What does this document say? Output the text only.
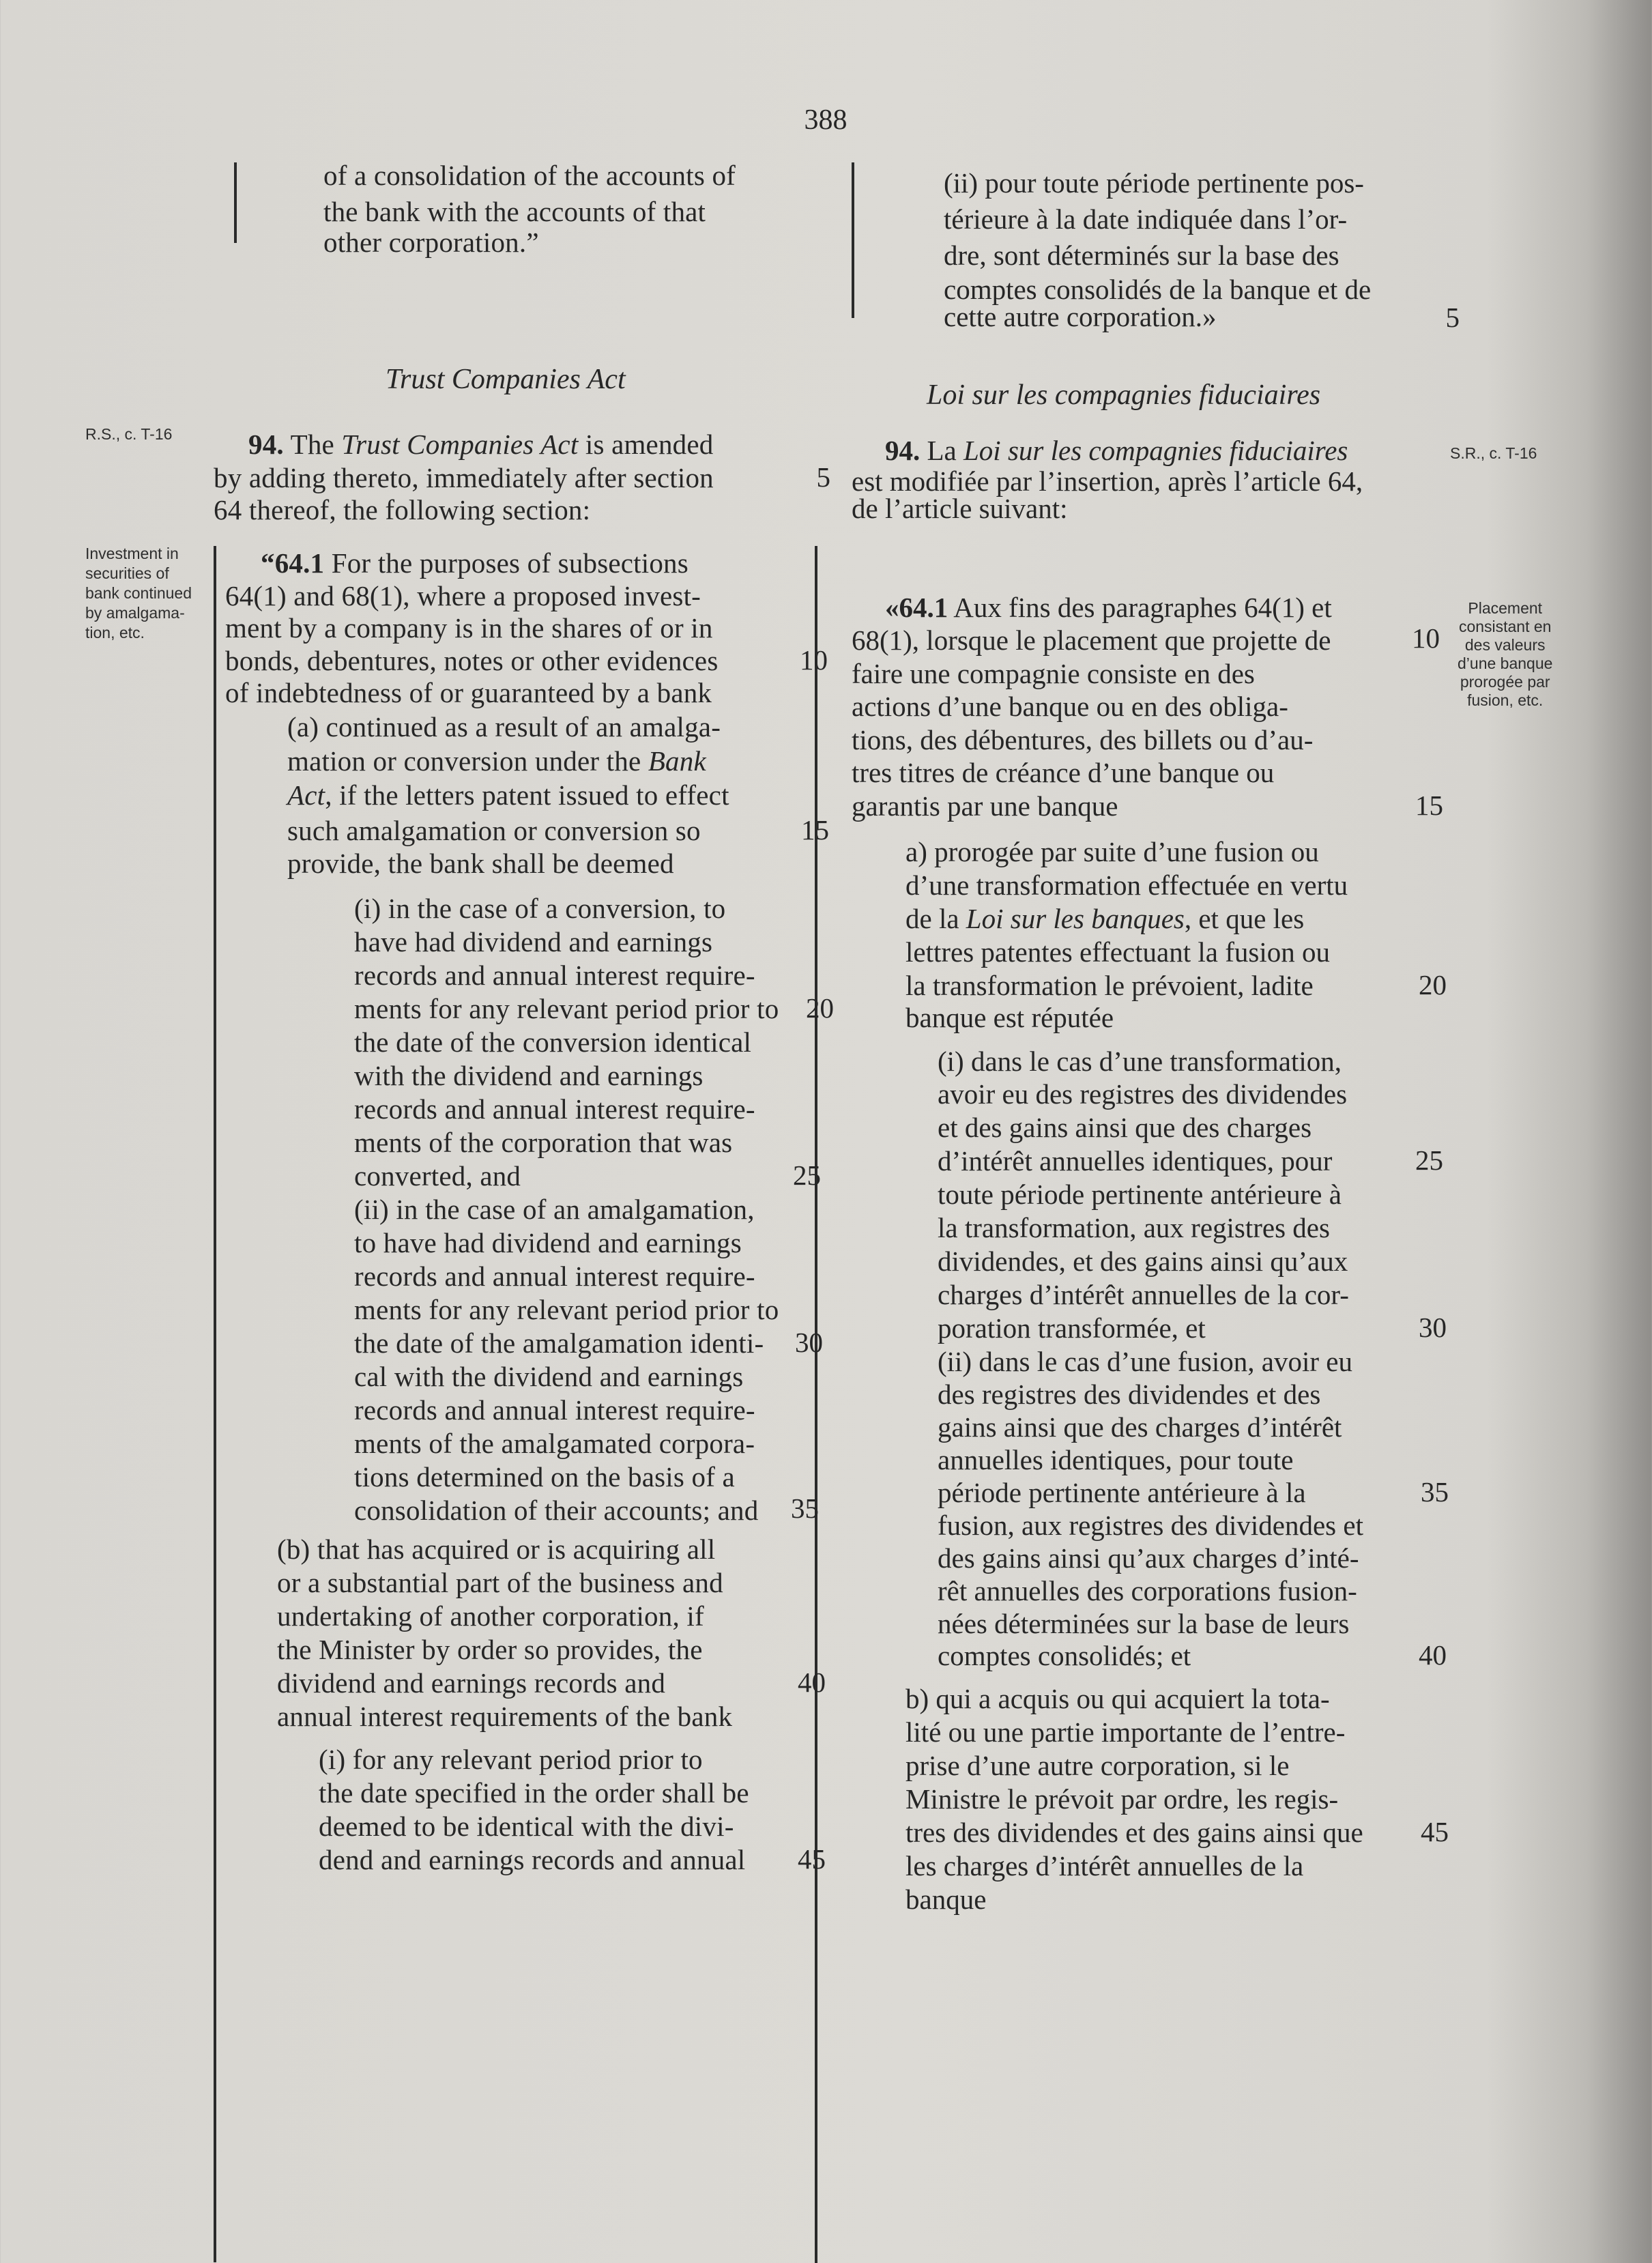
388
of a consolidation of the accounts of
the bank with the accounts of that
other corporation.”
Trust Companies Act
R.S., c. T-16	94. The Trust Companies Act is amended
by adding thereto, immediately after section
64 thereof, the following section:
Investment in
securities of
bank continued
by amalgama-
tion, etc.
“64.1 For the purposes of subsections
64(1) and 68(1), where a proposed invest-
ment by a company is in the shares of or in
bonds, debentures, notes or other evidences
of indebtedness of or guaranteed by a bank
(a) continued as a result of an amalga-
mation or conversion under the Bank
Act, if the letters patent issued to effect
such amalgamation or conversion so
provide, the bank shall be deemed
(i) in the case of a conversion, to
have had dividend and earnings
records and annual interest require-
ments for any relevant period prior to
the date of the conversion identical
with the dividend and earnings
records and annual interest require-
ments of the corporation that was
converted, and
(ii) in the case of an amalgamation,
to have had dividend and earnings
records and annual interest require-
ments for any relevant period prior to
the date of the amalgamation identi-
cal with the dividend and earnings
records and annual interest require-
ments of the amalgamated corpora-
tions determined on the basis of a
consolidation of their accounts; and
(b) that has acquired or is acquiring all
or a substantial part of the business and
undertaking of another corporation, if
the Minister by order so provides, the
dividend and earnings records and
annual interest requirements of the bank
(i) for any relevant period prior to
the date specified in the order shall be
deemed to be identical with the divi-
dend and earnings records and annual
5
10
15
20
25
30
35
40
45
(ii) pour toute période pertinente pos-
térieure à la date indiquée dans l’or-
dre, sont déterminés sur la base des
comptes consolidés de la banque et de
cette autre corporation.»	5
Loi sur les compagnies fiduciaires
94. La Loi sur les compagnies fiduciaires
est modifiée par l’insertion, après l’article 64,
de l’article suivant:
S.R., c. T-16
Placement
consistant en
des valeurs
d’une banque
prorogée par
fusion, etc.
«64.1 Aux fins des paragraphes 64(1) et
68(1), lorsque le placement que projette de
faire une compagnie consiste en des
actions d’une banque ou en des obliga-
tions, des débentures, des billets ou d’au-
tres titres de créance d’une banque ou
garantis par une banque
a) prorogée par suite d’une fusion ou
d’une transformation effectuée en vertu
de la Loi sur les banques, et que les
lettres patentes effectuant la fusion ou
la transformation le prévoient, ladite
banque est réputée
(i) dans le cas d’une transformation,
avoir eu des registres des dividendes
et des gains ainsi que des charges
d’intérêt annuelles identiques, pour
toute période pertinente antérieure à
la transformation, aux registres des
dividendes, et des gains ainsi qu’aux
charges d’intérêt annuelles de la cor-
poration transformée, et
(ii) dans le cas d’une fusion, avoir eu
des registres des dividendes et des
gains ainsi que des charges d’intérêt
annuelles identiques, pour toute
période pertinente antérieure à la
fusion, aux registres des dividendes et
des gains ainsi qu’aux charges d’inté-
rêt annuelles des corporations fusion-
nées déterminées sur la base de leurs
comptes consolidés; et
b) qui a acquis ou qui acquiert la tota-
lité ou une partie importante de l’entre-
prise d’une autre corporation, si le
Ministre le prévoit par ordre, les regis-
tres des dividendes et des gains ainsi que
les charges d’intérêt annuelles de la
banque
10
15
20
25
30
35
40
45
